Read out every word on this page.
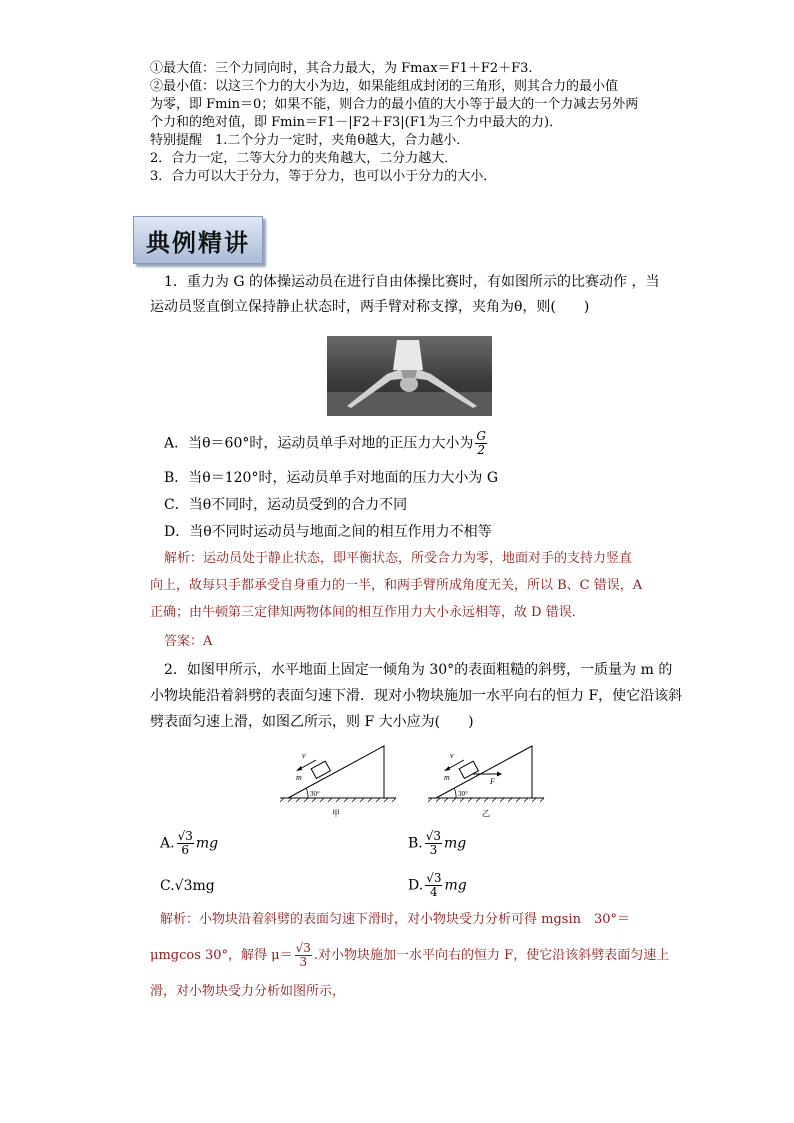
①最大值：三个力同向时，其合力最大，为 Fmax＝F1＋F2＋F3.
②最小值：以这三个力的大小为边，如果能组成封闭的三角形，则其合力的最小值
为零，即 Fmin＝0；如果不能，则合力的最小值的大小等于最大的一个力减去另外两
个力和的绝对值，即 Fmin＝F1－|F2＋F3|(F1为三个力中最大的力)．
特别提醒　1.二个分力一定时，夹角θ越大，合力越小．
2．合力一定，二等大分力的夹角越大，二分力越大．
3．合力可以大于分力，等于分力，也可以小于分力的大小．
典例精讲
1．重力为 G 的体操运动员在进行自由体操比赛时，有如图所示的比赛动作 ，当
运动员竖直倒立保持静止状态时，两手臂对称支撑，夹角为θ，则(　　)
A．当θ＝60°时，运动员单手对地的正压力大小为 $\frac{G}{2}$
B．当θ＝120°时，运动员单手对地面的压力大小为 G
C．当θ不同时，运动员受到的合力不同
D．当θ不同时运动员与地面之间的相互作用力不相等
解析：运动员处于静止状态，即平衡状态，所受合力为零，地面对手的支持力竖直
向上，故每只手都承受自身重力的一半，和两手臂所成角度无关，所以 B、C 错误，A
正确；由牛顿第三定律知两物体间的相互作用力大小永远相等，故 D 错误．
答案：A
2．如图甲所示，水平地面上固定一倾角为 30°的表面粗糙的斜劈，一质量为 m 的
小物块能沿着斜劈的表面匀速下滑．现对小物块施加一水平向右的恒力 F，使它沿该斜
劈表面匀速上滑，如图乙所示，则 F 大小应为(　　)
v
m
30°
甲
v
m	F
30°
乙
A. $\frac{√3}{6}$ mg	B. $\frac{√3}{3}$ mg
C.√3mg	D. $\frac{√3}{4}$ mg
解析：小物块沿着斜劈的表面匀速下滑时，对小物块受力分析可得 mgsin　30°＝
μmgcos 30°，解得 $\mu= \frac{√3}{3}$ .对小物块施加一水平向右的恒力 F，使它沿该斜劈表面匀速上
滑，对小物块受力分析如图所示，
